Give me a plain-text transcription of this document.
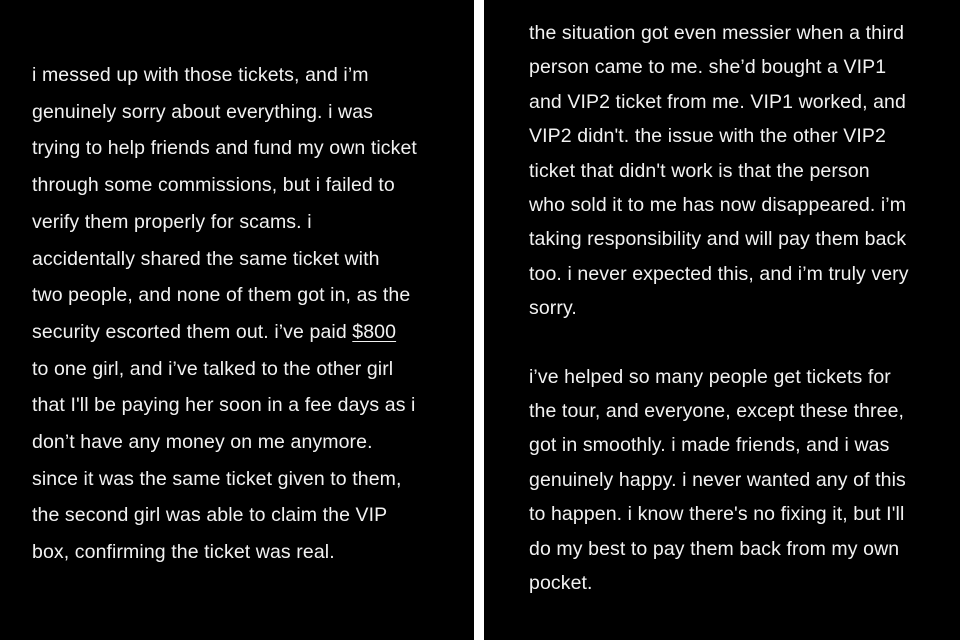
i messed up with those tickets, and i’m
genuinely sorry about everything. i was
trying to help friends and fund my own ticket
through some commissions, but i failed to
verify them properly for scams. i
accidentally shared the same ticket with
two people, and none of them got in, as the
security escorted them out. i’ve paid $800
to one girl, and i’ve talked to the other girl
that I'll be paying her soon in a fee days as i
don’t have any money on me anymore.
since it was the same ticket given to them,
the second girl was able to claim the VIP
box, confirming the ticket was real.
the situation got even messier when a third
person came to me. she’d bought a VIP1
and VIP2 ticket from me. VIP1 worked, and
VIP2 didn't. the issue with the other VIP2
ticket that didn't work is that the person
who sold it to me has now disappeared. i’m
taking responsibility and will pay them back
too. i never expected this, and i’m truly very
sorry.
i’ve helped so many people get tickets for
the tour, and everyone, except these three,
got in smoothly. i made friends, and i was
genuinely happy. i never wanted any of this
to happen. i know there's no fixing it, but I'll
do my best to pay them back from my own
pocket.
